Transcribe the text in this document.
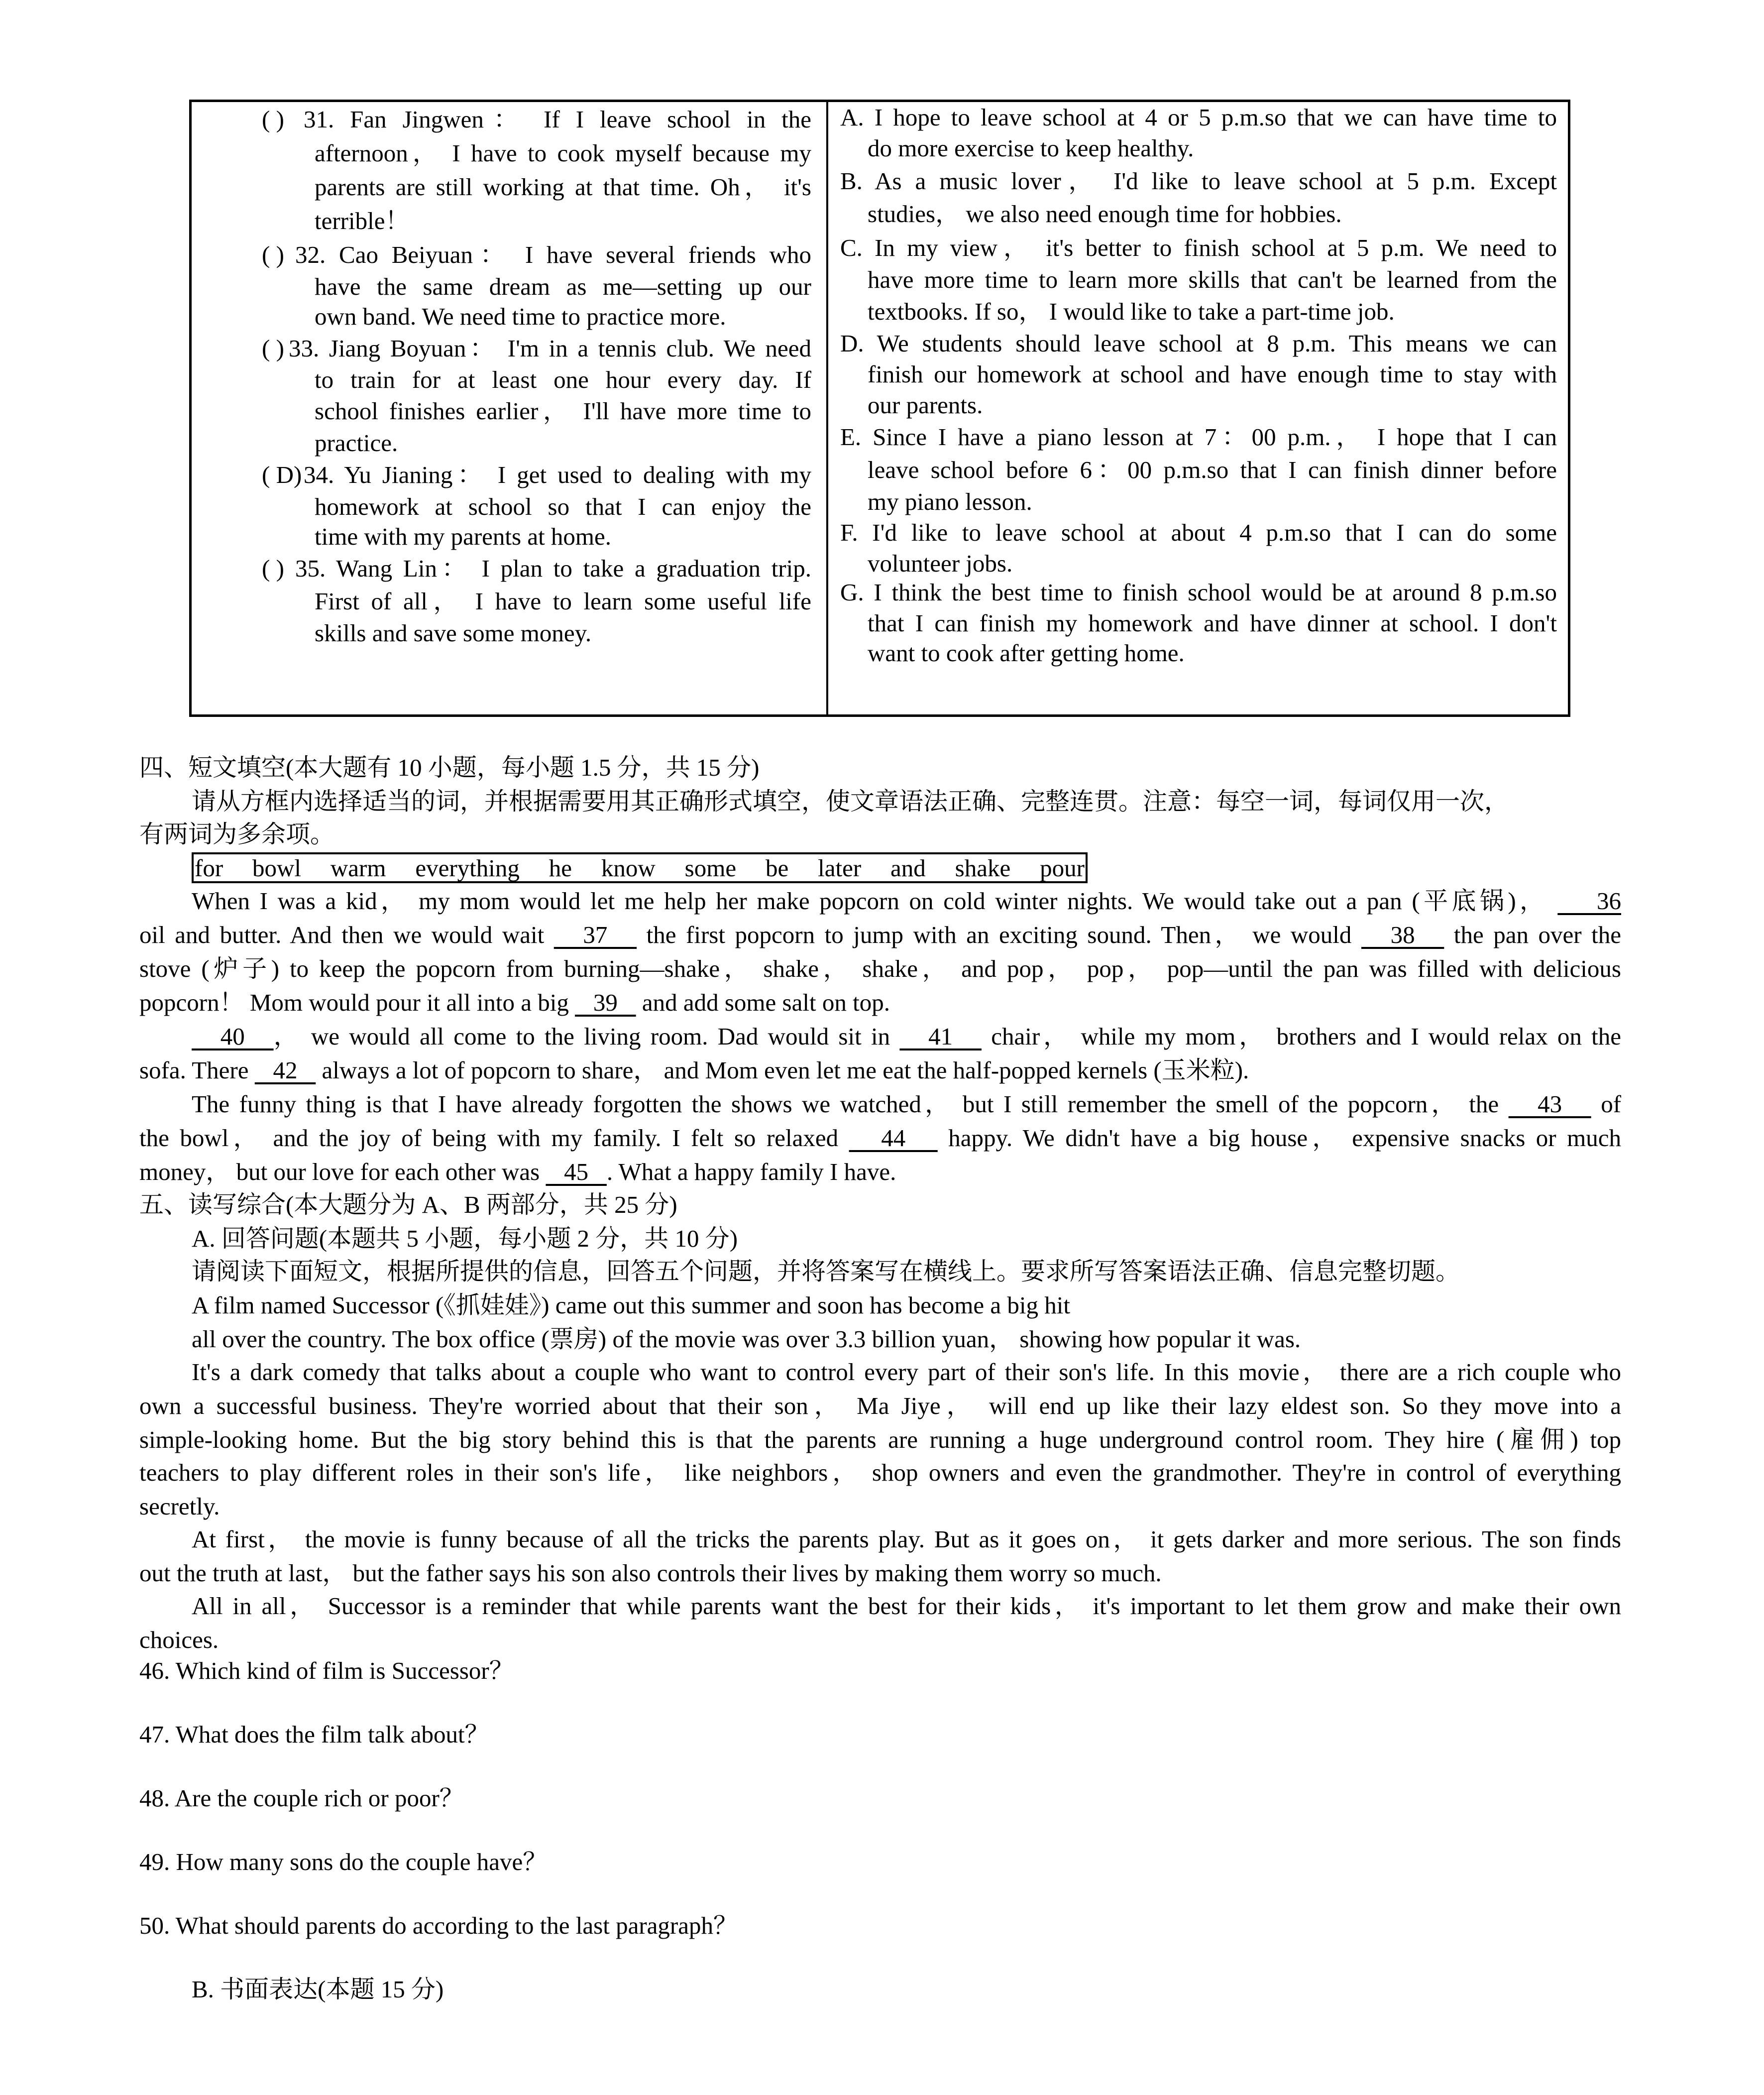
( ) 31. Fan Jingwen： If I leave school in the
afternoon， I have to cook myself because my
parents are still working at that time. Oh， it's
terrible！
( ) 32. Cao Beiyuan： I have several friends who
have the same dream as me—setting up our
own band. We need time to practice more.
( ) 33. Jiang Boyuan： I'm in a tennis club. We need
to train for at least one hour every day. If
school finishes earlier， I'll have more time to
practice.
( D) 34. Yu Jianing： I get used to dealing with my
homework at school so that I can enjoy the
time with my parents at home.
( ) 35. Wang Lin： I plan to take a graduation trip.
First of all， I have to learn some useful life
skills and save some money.
A. I hope to leave school at 4 or 5 p.m.so that we can have time to
do more exercise to keep healthy.
B. As a music lover， I'd like to leave school at 5 p.m. Except
studies， we also need enough time for hobbies.
C. In my view， it's better to finish school at 5 p.m. We need to
have more time to learn more skills that can't be learned from the
textbooks. If so， I would like to take a part-time job.
D. We students should leave school at 8 p.m. This means we can
finish our homework at school and have enough time to stay with
our parents.
E. Since I have a piano lesson at 7：00 p.m.， I hope that I can
leave school before 6：00 p.m.so that I can finish dinner before
my piano lesson.
F. I'd like to leave school at about 4 p.m.so that I can do some
volunteer jobs.
G. I think the best time to finish school would be at around 8 p.m.so
that I can finish my homework and have dinner at school. I don't
want to cook after getting home.
四、短文填空(本大题有 10 小题，每小题 1.5 分，共 15 分)
请从方框内选择适当的词，并根据需要用其正确形式填空，使文章语法正确、完整连贯。注意：每空一词，每词仅用一次，
有两词为多余项。
for bowl warm everything he know some be later and shake pour
When I was a kid， my mom would let me help her make popcorn on cold winter nights. We would take out a pan (平底锅)，     36
oil and butter. And then we would wait    37    the first popcorn to jump with an exciting sound. Then， we would    38    the pan over the
stove (炉子) to keep the popcorn from burning—shake， shake， shake， and pop， pop， pop—until the pan was filled with delicious
popcorn！ Mom would pour it all into a big    39    and add some salt on top.
40   ， we would all come to the living room. Dad would sit in    41    chair， while my mom， brothers and I would relax on the
sofa. There    42    always a lot of popcorn to share， and Mom even let me eat the half-popped kernels (玉米粒).
The funny thing is that I have already forgotten the shows we watched， but I still remember the smell of the popcorn， the    43    of
the bowl， and the joy of being with my family. I felt so relaxed    44    happy. We didn't have a big house， expensive snacks or much
money， but our love for each other was    45   . What a happy family I have.
五、读写综合(本大题分为 A、B 两部分，共 25 分)
A. 回答问题(本题共 5 小题，每小题 2 分，共 10 分)
请阅读下面短文，根据所提供的信息，回答五个问题，并将答案写在横线上。要求所写答案语法正确、信息完整切题。
A film named Successor (《抓娃娃》) came out this summer and soon has become a big hit
all over the country. The box office (票房) of the movie was over 3.3 billion yuan， showing how popular it was.
It's a dark comedy that talks about a couple who want to control every part of their son's life. In this movie， there are a rich couple who
own a successful business. They're worried about that their son， Ma Jiye， will end up like their lazy eldest son. So they move into a
simple-looking home. But the big story behind this is that the parents are running a huge underground control room. They hire (雇佣) top
teachers to play different roles in their son's life， like neighbors， shop owners and even the grandmother. They're in control of everything
secretly.
At first， the movie is funny because of all the tricks the parents play. But as it goes on， it gets darker and more serious. The son finds
out the truth at last， but the father says his son also controls their lives by making them worry so much.
All in all， Successor is a reminder that while parents want the best for their kids， it's important to let them grow and make their own
choices.
46. Which kind of film is Successor？
47. What does the film talk about？
48. Are the couple rich or poor？
49. How many sons do the couple have？
50. What should parents do according to the last paragraph？
B. 书面表达(本题 15 分)
